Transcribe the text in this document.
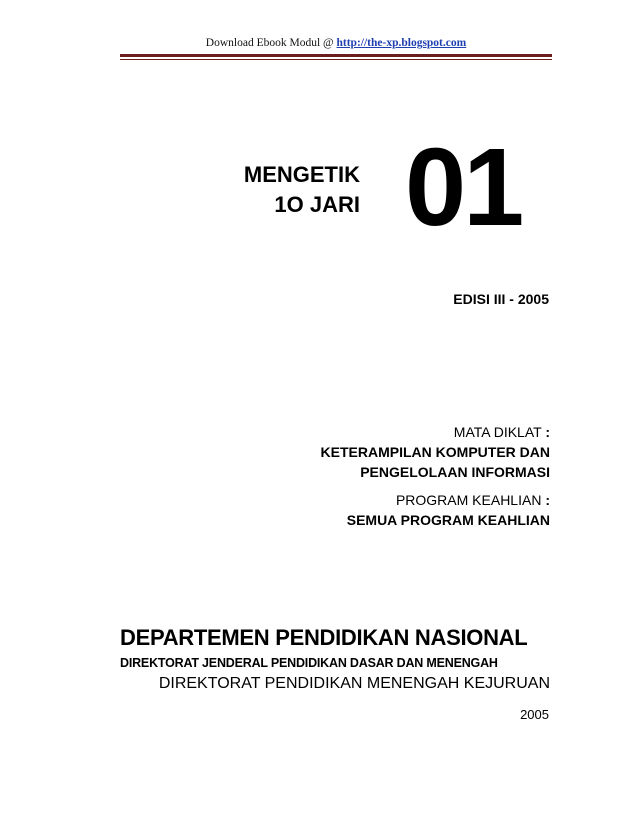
Download Ebook Modul @ http://the-xp.blogspot.com
MENGETIK
1O JARI 01
EDISI III - 2005
MATA DIKLAT :
KETERAMPILAN KOMPUTER DAN
PENGELOLAAN INFORMASI
PROGRAM KEAHLIAN :
SEMUA PROGRAM KEAHLIAN
DEPARTEMEN PENDIDIKAN NASIONAL
DIREKTORAT JENDERAL PENDIDIKAN DASAR DAN MENENGAH
DIREKTORAT PENDIDIKAN MENENGAH KEJURUAN
2005
